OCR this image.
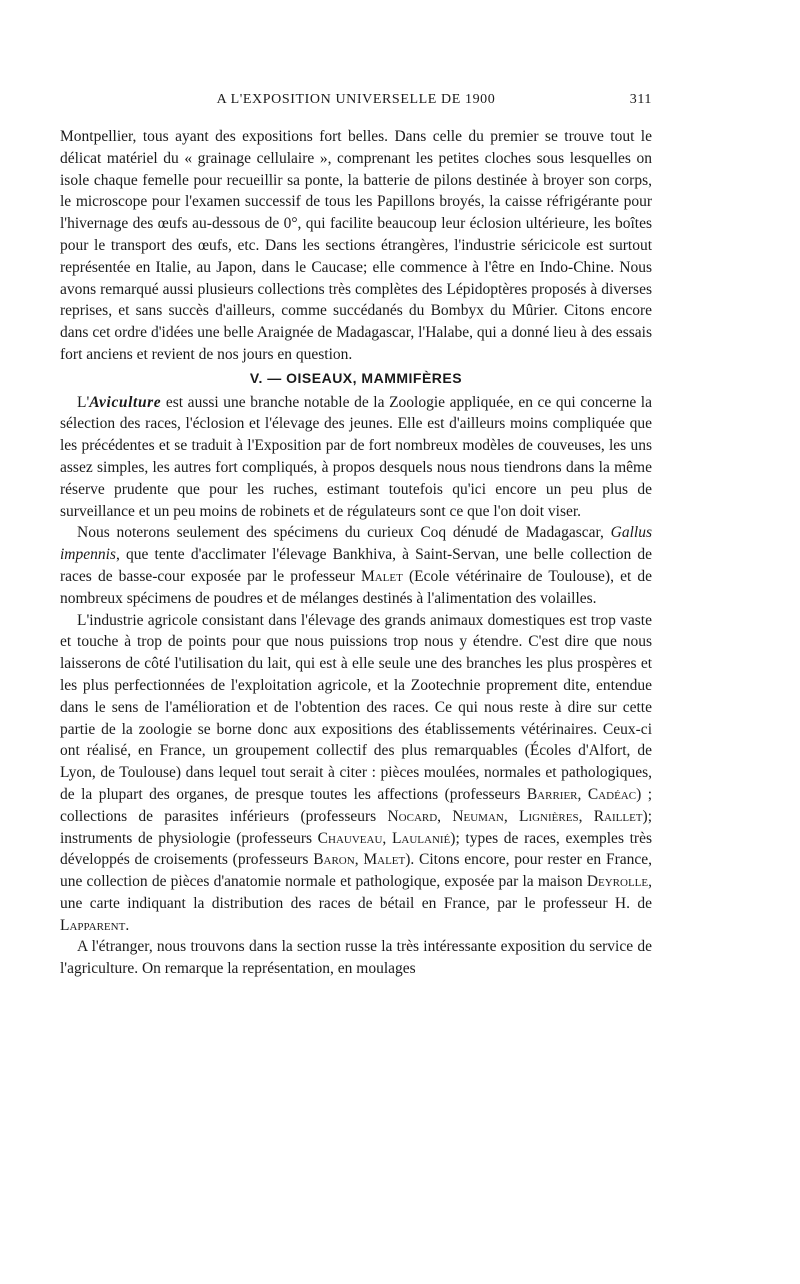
A L'EXPOSITION UNIVERSELLE DE 1900	311

Montpellier, tous ayant des expositions fort belles. Dans celle du premier se trouve tout le délicat matériel du « grainage cellulaire », comprenant les petites cloches sous lesquelles on isole chaque femelle pour recueillir sa ponte, la batterie de pilons destinée à broyer son corps, le microscope pour l'examen successif de tous les Papillons broyés, la caisse réfrigérante pour l'hivernage des œufs au-dessous de 0°, qui facilite beaucoup leur éclosion ultérieure, les boîtes pour le transport des œufs, etc. Dans les sections étrangères, l'industrie séricicole est surtout représentée en Italie, au Japon, dans le Caucase; elle commence à l'être en Indo-Chine. Nous avons remarqué aussi plusieurs collections très complètes des Lépidoptères proposés à diverses reprises, et sans succès d'ailleurs, comme succédanés du Bombyx du Mûrier. Citons encore dans cet ordre d'idées une belle Araignée de Madagascar, l'Halabe, qui a donné lieu à des essais fort anciens et revient de nos jours en question.

V. — OISEAUX, MAMMIFÈRES

L'Aviculture est aussi une branche notable de la Zoologie appliquée, en ce qui concerne la sélection des races, l'éclosion et l'élevage des jeunes. Elle est d'ailleurs moins compliquée que les précédentes et se traduit à l'Exposition par de fort nombreux modèles de couveuses, les uns assez simples, les autres fort compliqués, à propos desquels nous nous tiendrons dans la même réserve prudente que pour les ruches, estimant toutefois qu'ici encore un peu plus de surveillance et un peu moins de robinets et de régulateurs sont ce que l'on doit viser.

Nous noterons seulement des spécimens du curieux Coq dénudé de Madagascar, Gallus impennis, que tente d'acclimater l'élevage Bankhiva, à Saint-Servan, une belle collection de races de basse-cour exposée par le professeur Malet (Ecole vétérinaire de Toulouse), et de nombreux spécimens de poudres et de mélanges destinés à l'alimentation des volailles.

L'industrie agricole consistant dans l'élevage des grands animaux domestiques est trop vaste et touche à trop de points pour que nous puissions trop nous y étendre. C'est dire que nous laisserons de côté l'utilisation du lait, qui est à elle seule une des branches les plus prospères et les plus perfectionnées de l'exploitation agricole, et la Zootechnie proprement dite, entendue dans le sens de l'amélioration et de l'obtention des races. Ce qui nous reste à dire sur cette partie de la zoologie se borne donc aux expositions des établissements vétérinaires. Ceux-ci ont réalisé, en France, un groupement collectif des plus remarquables (Écoles d'Alfort, de Lyon, de Toulouse) dans lequel tout serait à citer : pièces moulées, normales et pathologiques, de la plupart des organes, de presque toutes les affections (professeurs Barrier, Cadéac) ; collections de parasites inférieurs (professeurs Nocard, Neuman, Lignières, Raillet); instruments de physiologie (professeurs Chauveau, Laulanié); types de races, exemples très développés de croisements (professeurs Baron, Malet). Citons encore, pour rester en France, une collection de pièces d'anatomie normale et pathologique, exposée par la maison Deyrolle, une carte indiquant la distribution des races de bétail en France, par le professeur H. de Lapparent.

A l'étranger, nous trouvons dans la section russe la très intéressante exposition du service de l'agriculture. On remarque la représentation, en moulages
